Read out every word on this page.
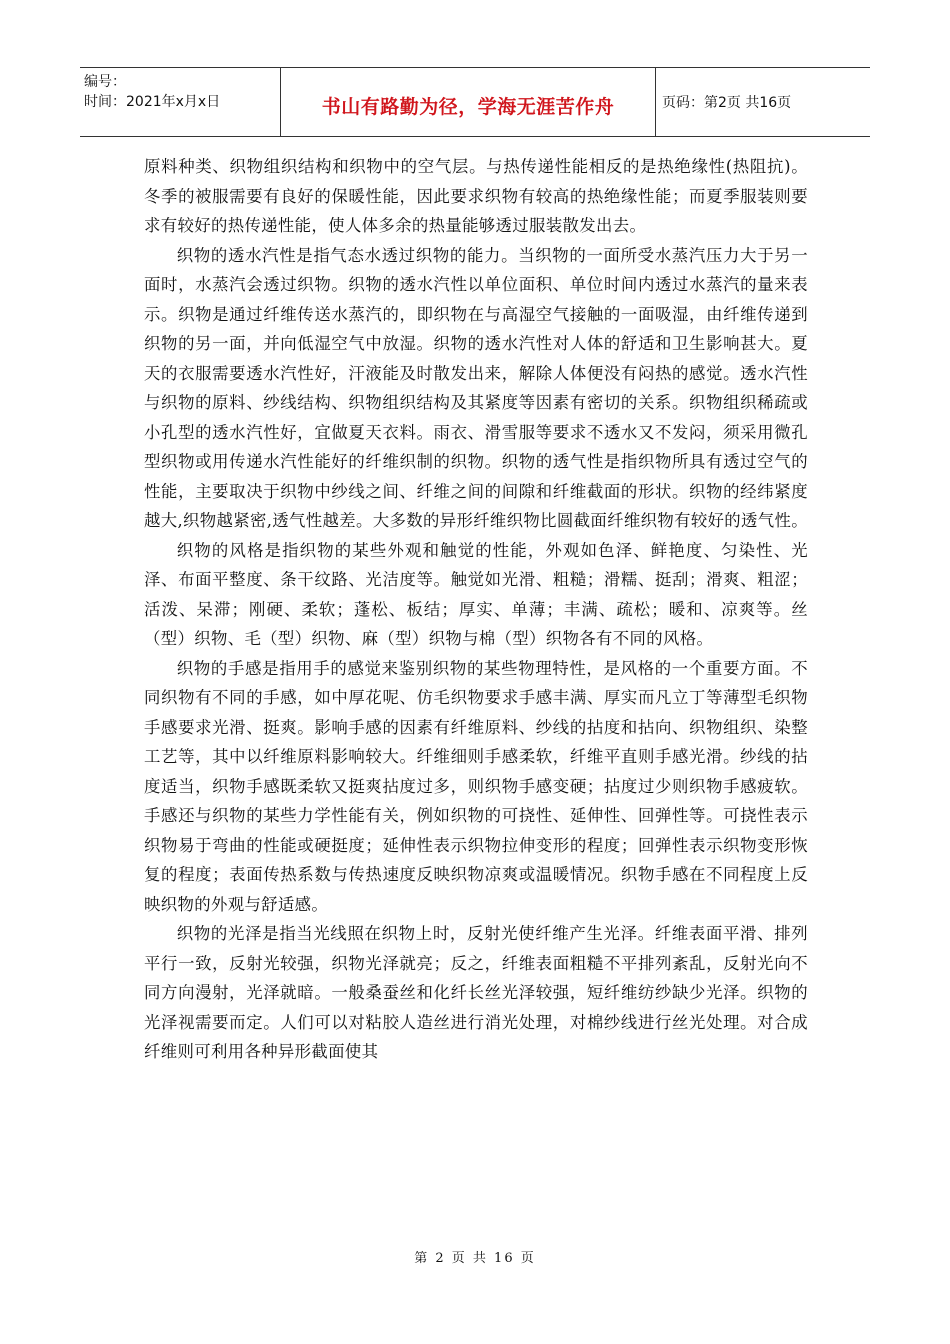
编号：
时间：2021年x月x日	书山有路勤为径，学海无涯苦作舟	页码：第2页 共16页

原料种类、织物组织结构和织物中的空气层。与热传递性能相反的是热绝缘性(热阻抗)。冬季的被服需要有良好的保暖性能，因此要求织物有较高的热绝缘性能；而夏季服装则要求有较好的热传递性能，使人体多余的热量能够透过服装散发出去。

织物的透水汽性是指气态水透过织物的能力。当织物的一面所受水蒸汽压力大于另一面时，水蒸汽会透过织物。织物的透水汽性以单位面积、单位时间内透过水蒸汽的量来表示。织物是通过纤维传送水蒸汽的，即织物在与高湿空气接触的一面吸湿，由纤维传递到织物的另一面，并向低湿空气中放湿。织物的透水汽性对人体的舒适和卫生影响甚大。夏天的衣服需要透水汽性好，汗液能及时散发出来，解除人体便没有闷热的感觉。透水汽性与织物的原料、纱线结构、织物组织结构及其紧度等因素有密切的关系。织物组织稀疏或小孔型的透水汽性好，宜做夏天衣料。雨衣、滑雪服等要求不透水又不发闷，须采用微孔型织物或用传递水汽性能好的纤维织制的织物。织物的透气性是指织物所具有透过空气的性能，主要取决于织物中纱线之间、纤维之间的间隙和纤维截面的形状。织物的经纬紧度越大,织物越紧密,透气性越差。大多数的异形纤维织物比圆截面纤维织物有较好的透气性。

织物的风格是指织物的某些外观和触觉的性能，外观如色泽、鲜艳度、匀染性、光泽、布面平整度、条干纹路、光洁度等。触觉如光滑、粗糙；滑糯、挺刮；滑爽、粗涩；活泼、呆滞；刚硬、柔软；蓬松、板结；厚实、单薄；丰满、疏松；暖和、凉爽等。丝（型）织物、毛（型）织物、麻（型）织物与棉（型）织物各有不同的风格。

织物的手感是指用手的感觉来鉴别织物的某些物理特性，是风格的一个重要方面。不同织物有不同的手感，如中厚花呢、仿毛织物要求手感丰满、厚实而凡立丁等薄型毛织物手感要求光滑、挺爽。影响手感的因素有纤维原料、纱线的拈度和拈向、织物组织、染整工艺等，其中以纤维原料影响较大。纤维细则手感柔软，纤维平直则手感光滑。纱线的拈度适当，织物手感既柔软又挺爽拈度过多，则织物手感变硬；拈度过少则织物手感疲软。手感还与织物的某些力学性能有关，例如织物的可挠性、延伸性、回弹性等。可挠性表示织物易于弯曲的性能或硬挺度；延伸性表示织物拉伸变形的程度；回弹性表示织物变形恢复的程度；表面传热系数与传热速度反映织物凉爽或温暖情况。织物手感在不同程度上反映织物的外观与舒适感。

织物的光泽是指当光线照在织物上时，反射光使纤维产生光泽。纤维表面平滑、排列平行一致，反射光较强，织物光泽就亮；反之，纤维表面粗糙不平排列紊乱，反射光向不同方向漫射，光泽就暗。一般桑蚕丝和化纤长丝光泽较强，短纤维纺纱缺少光泽。织物的光泽视需要而定。人们可以对粘胶人造丝进行消光处理，对棉纱线进行丝光处理。对合成纤维则可利用各种异形截面使其

第 2 页 共 16 页
